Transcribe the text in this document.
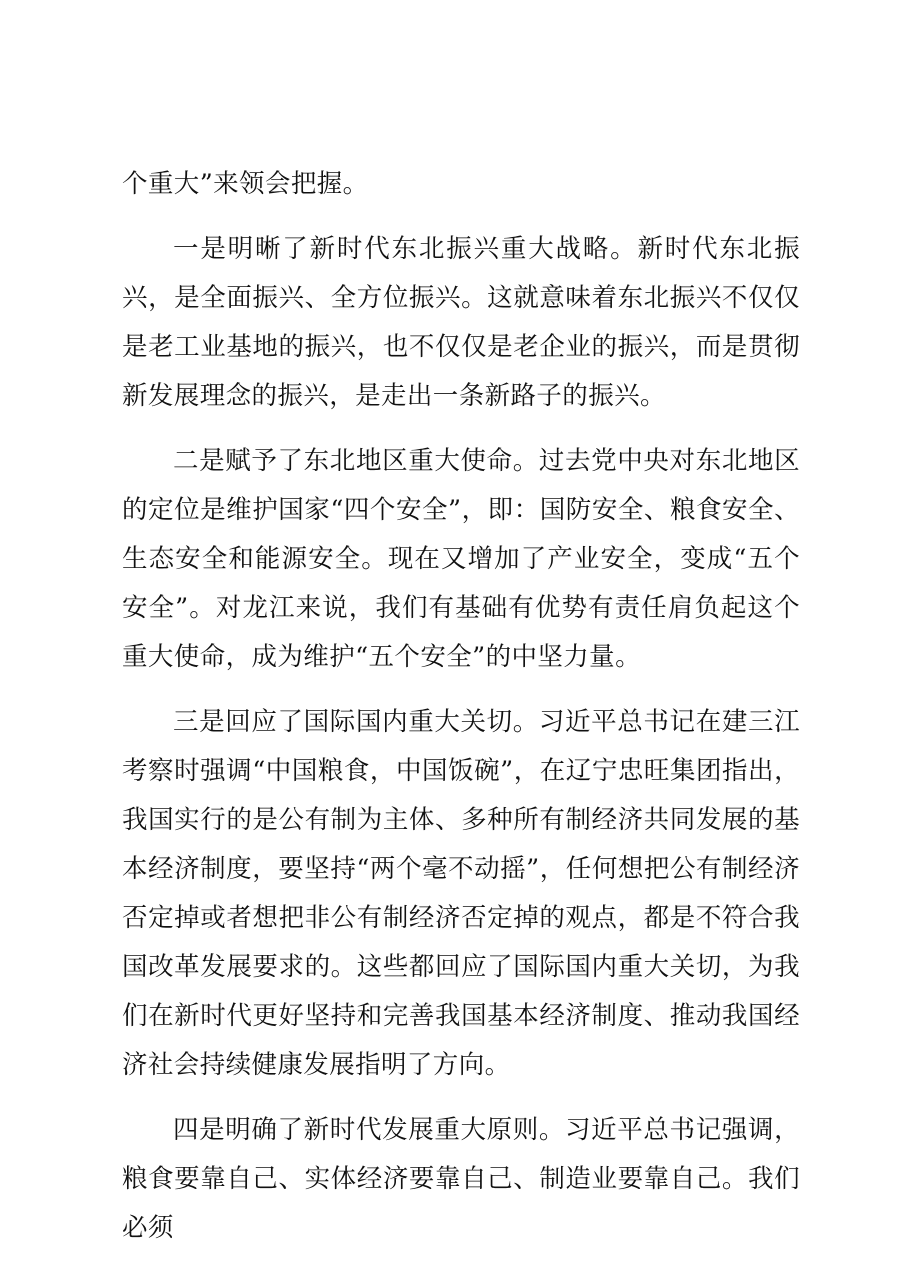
个重大”来领会把握。

一是明晰了新时代东北振兴重大战略。新时代东北振兴，是全面振兴、全方位振兴。这就意味着东北振兴不仅仅是老工业基地的振兴，也不仅仅是老企业的振兴，而是贯彻新发展理念的振兴，是走出一条新路子的振兴。

二是赋予了东北地区重大使命。过去党中央对东北地区的定位是维护国家“四个安全”，即：国防安全、粮食安全、生态安全和能源安全。现在又增加了产业安全，变成“五个安全”。对龙江来说，我们有基础有优势有责任肩负起这个重大使命，成为维护“五个安全”的中坚力量。

三是回应了国际国内重大关切。习近平总书记在建三江考察时强调“中国粮食，中国饭碗”，在辽宁忠旺集团指出，我国实行的是公有制为主体、多种所有制经济共同发展的基本经济制度，要坚持“两个毫不动摇”，任何想把公有制经济否定掉或者想把非公有制经济否定掉的观点，都是不符合我国改革发展要求的。这些都回应了国际国内重大关切，为我们在新时代更好坚持和完善我国基本经济制度、推动我国经济社会持续健康发展指明了方向。

四是明确了新时代发展重大原则。习近平总书记强调，粮食要靠自己、实体经济要靠自己、制造业要靠自己。我们必须
